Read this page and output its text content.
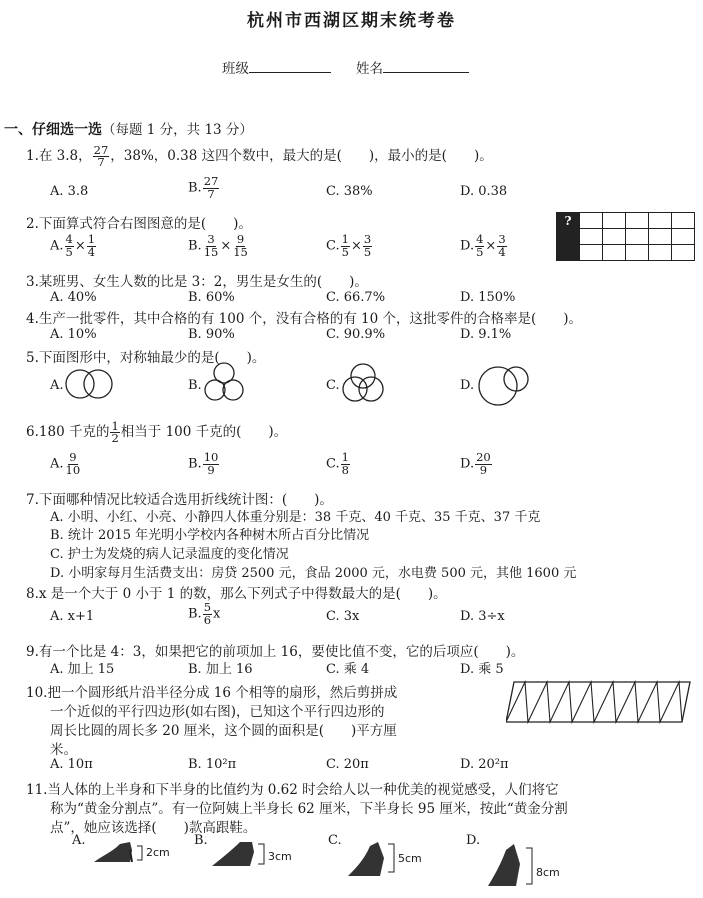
杭州市西湖区期末统考卷
班级	姓名
一、仔细选一选（每题 1 分，共 13 分）
1.在 3.8， $\frac{27}{7}$ ，38%，0.38 这四个数中，最大的是(　　)，最小的是(　　)。
A. 3.8	B. $\frac{27}{7}$	C. 38%	D. 0.38
2.下面算式符合右图图意的是(　　)。
A. $\frac{4}{5} \times \frac{1}{4}$	B. $\frac{3}{15} \times \frac{9}{15}$	C. $\frac{1}{5} \times \frac{3}{5}$	D. $\frac{4}{5} \times \frac{3}{4}$
?					

3.某班男、女生人数的比是 3：2，男生是女生的(　　)。
A. 40%	B. 60%	C. 66.7%	D. 150%
4.生产一批零件，其中合格的有 100 个，没有合格的有 10 个，这批零件的合格率是(　　)。
A. 10%	B. 90%	C. 90.9%	D. 9.1%
5.下面图形中，对称轴最少的是(　　)。
A.	B.	C.	D.
6.180 千克的 $\frac{1}{2}$ 相当于 100 千克的(　　)。
A. $\frac{9}{10}$	B. $\frac{10}{9}$	C. $\frac{1}{8}$	D. $\frac{20}{9}$
7.下面哪种情况比较适合选用折线统计图：(　　)。
A. 小明、小红、小亮、小静四人体重分别是：38 千克、40 千克、35 千克、37 千克
B. 统计 2015 年光明小学校内各种树木所占百分比情况
C. 护士为发烧的病人记录温度的变化情况
D. 小明家每月生活费支出：房贷 2500 元，食品 2000 元，水电费 500 元，其他 1600 元
8.x 是一个大于 0 小于 1 的数，那么下列式子中得数最大的是(　　)。
A. x+1	B. $\frac{5}{6}$ x	C. 3x	D. 3÷x
9.有一个比是 4：3，如果把它的前项加上 16，要使比值不变，它的后项应(　　)。
A. 加上 15	B. 加上 16	C. 乘 4	D. 乘 5
10.把一个圆形纸片沿半径分成 16 个相等的扇形，然后剪拼成
一个近似的平行四边形(如右图)，已知这个平行四边形的
周长比圆的周长多 20 厘米，这个圆的面积是(　　)平方厘
米。
A. 10π	B. 10²π	C. 20π	D. 20²π
11.当人体的上半身和下半身的比值约为 0.62 时会给人以一种优美的视觉感受，人们将它
称为“黄金分割点”。有一位阿姨上半身长 62 厘米，下半身长 95 厘米，按此“黄金分割
点”，她应该选择(　　)款高跟鞋。
A.
2cm
B.
3cm
C.
5cm
D.
8cm
